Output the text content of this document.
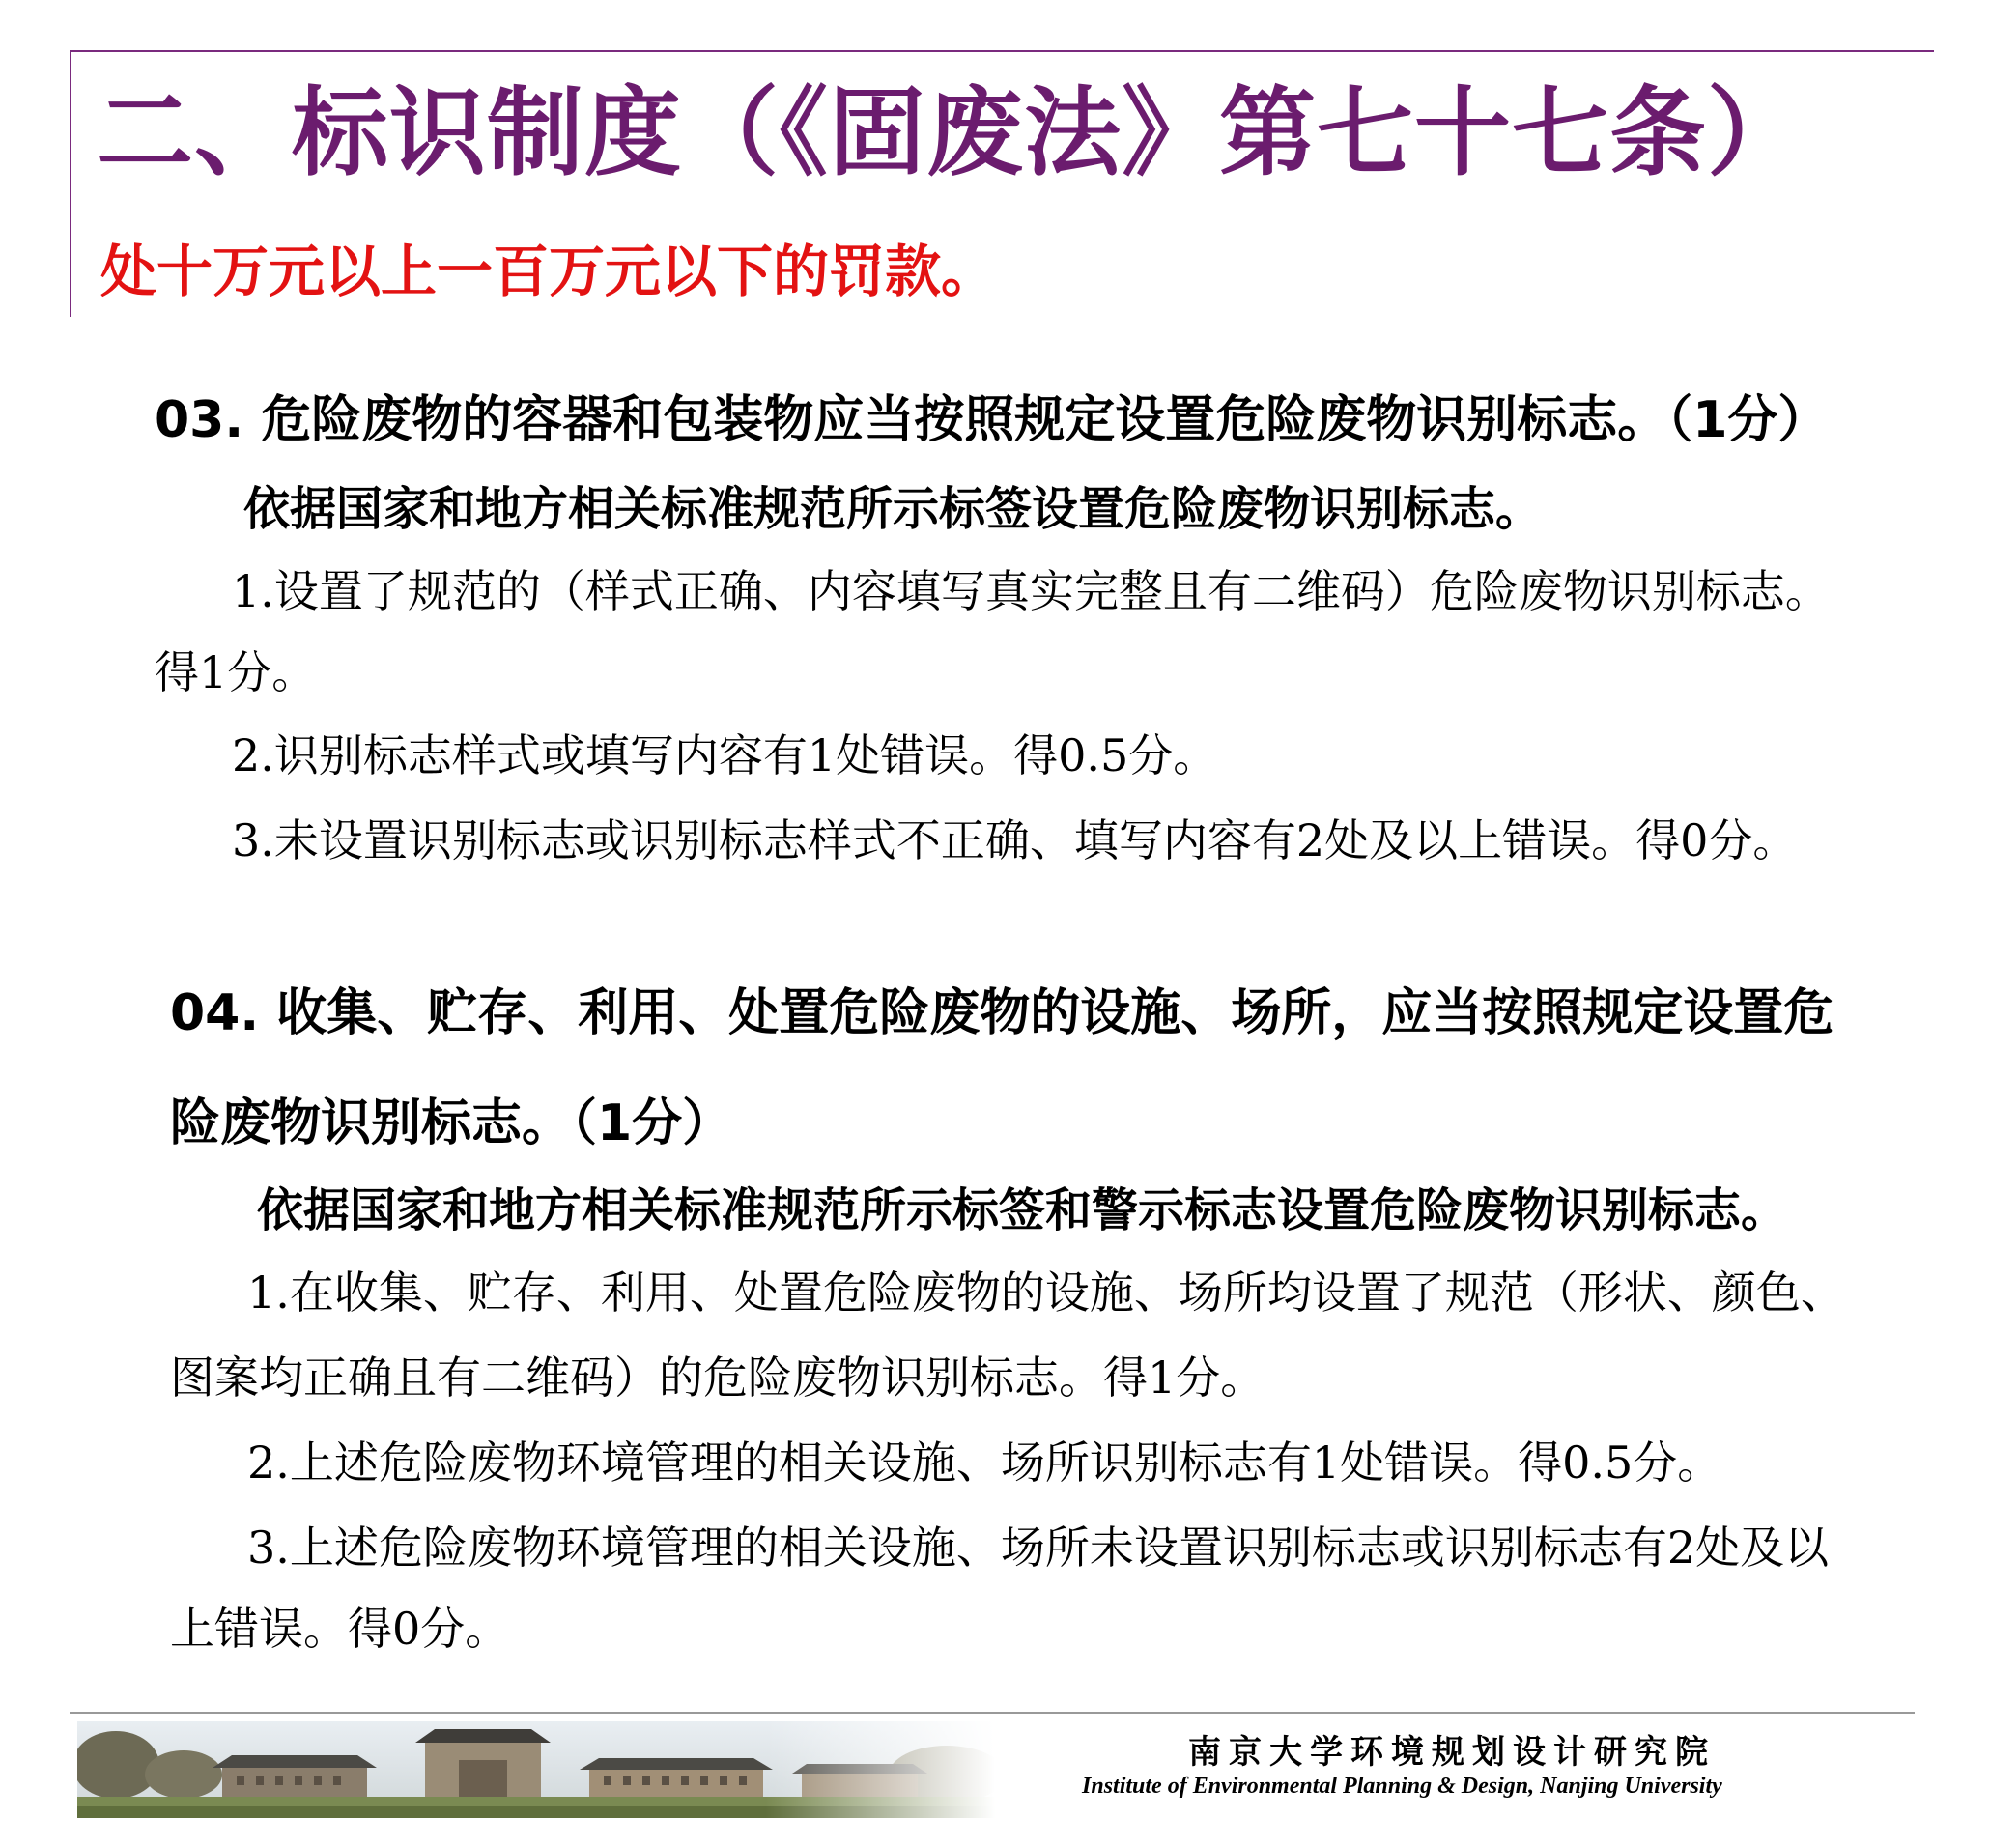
二、标识制度（《固废法》第七十七条）

处十万元以上一百万元以下的罚款。

03. 危险废物的容器和包装物应当按照规定设置危险废物识别标志。（1分）

依据国家和地方相关标准规范所示标签设置危险废物识别标志。

1.设置了规范的（样式正确、内容填写真实完整且有二维码）危险废物识别标志。

得1分。

2.识别标志样式或填写内容有1处错误。得0.5分。

3.未设置识别标志或识别标志样式不正确、填写内容有2处及以上错误。得0分。

04. 收集、贮存、利用、处置危险废物的设施、场所，应当按照规定设置危

险废物识别标志。（1分）

依据国家和地方相关标准规范所示标签和警示标志设置危险废物识别标志。

1.在收集、贮存、利用、处置危险废物的设施、场所均设置了规范（形状、颜色、

图案均正确且有二维码）的危险废物识别标志。得1分。

2.上述危险废物环境管理的相关设施、场所识别标志有1处错误。得0.5分。

3.上述危险废物环境管理的相关设施、场所未设置识别标志或识别标志有2处及以

上错误。得0分。

南京大学环境规划设计研究院

Institute of Environmental Planning & Design, Nanjing University
